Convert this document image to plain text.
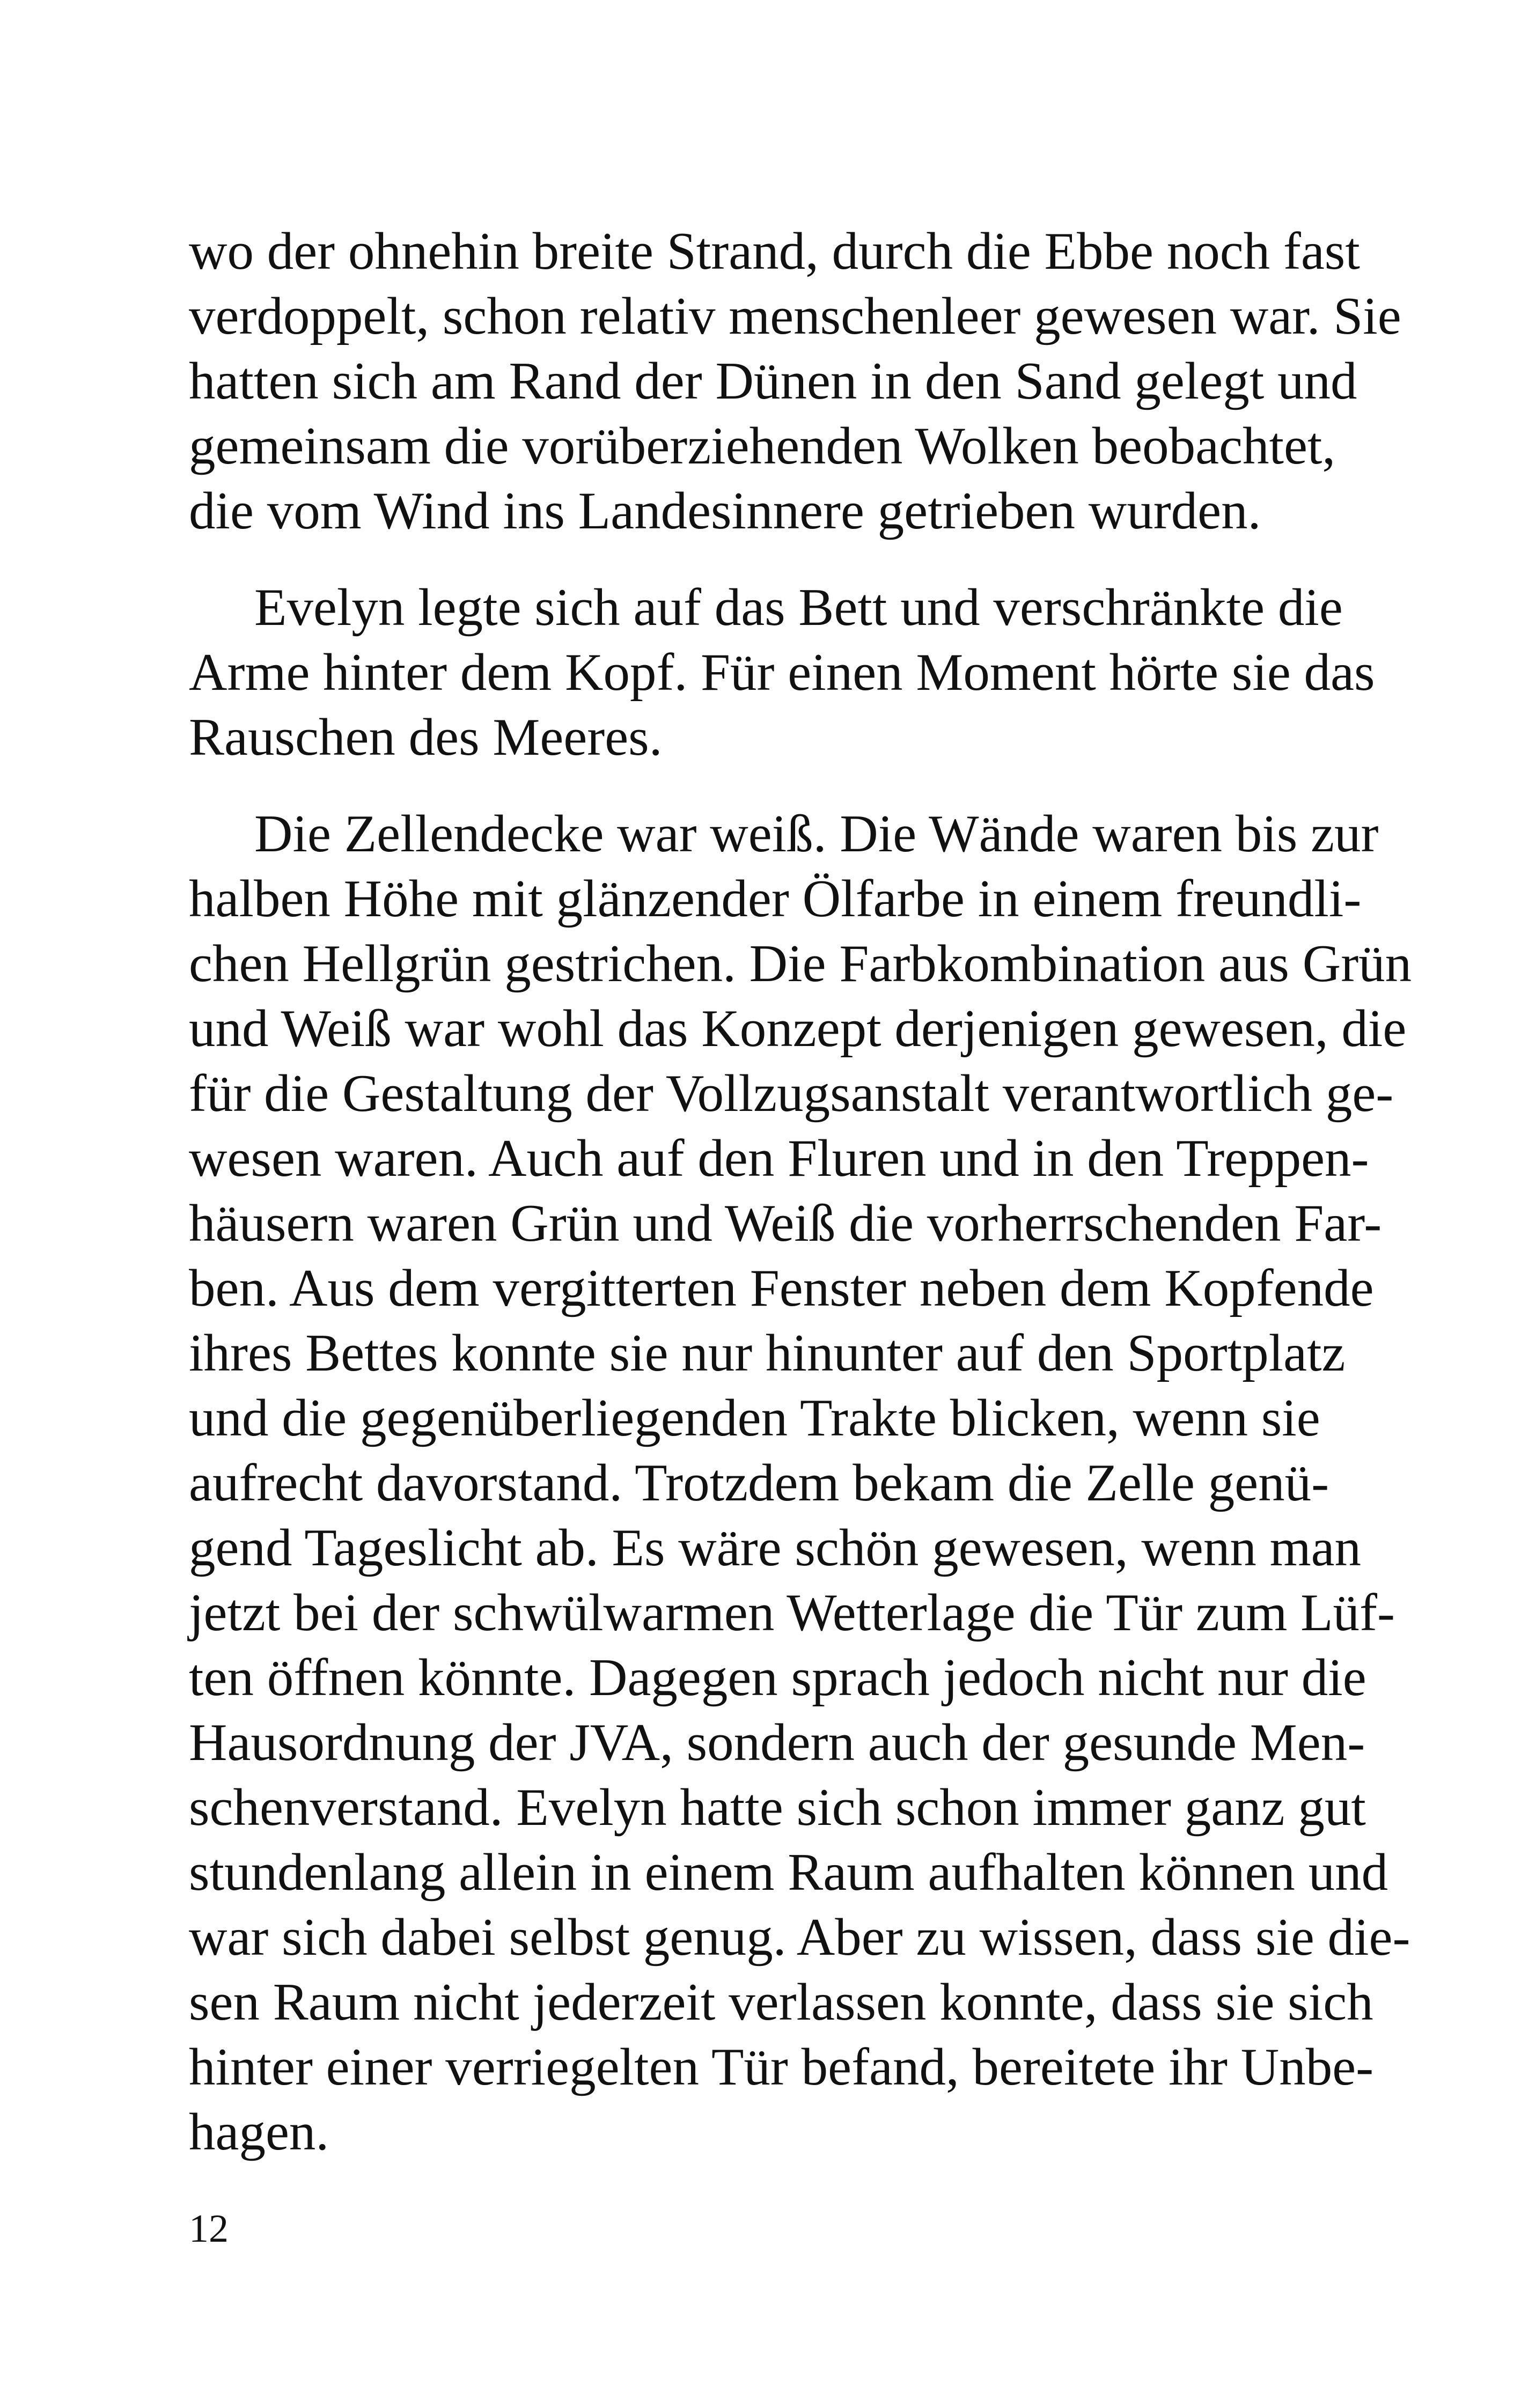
wo der ohnehin breite Strand, durch die Ebbe noch fast
verdoppelt, schon relativ menschenleer gewesen war. Sie
hatten sich am Rand der Dünen in den Sand gelegt und
gemeinsam die vorüberziehenden Wolken beobachtet,
die vom Wind ins Landesinnere getrieben wurden.
Evelyn legte sich auf das Bett und verschränkte die
Arme hinter dem Kopf. Für einen Moment hörte sie das
Rauschen des Meeres.
Die Zellendecke war weiß. Die Wände waren bis zur
halben Höhe mit glänzender Ölfarbe in einem freundli-
chen Hellgrün gestrichen. Die Farbkombination aus Grün
und Weiß war wohl das Konzept derjenigen gewesen, die
für die Gestaltung der Vollzugsanstalt verantwortlich ge-
wesen waren. Auch auf den Fluren und in den Treppen-
häusern waren Grün und Weiß die vorherrschenden Far-
ben. Aus dem vergitterten Fenster neben dem Kopfende
ihres Bettes konnte sie nur hinunter auf den Sportplatz
und die gegenüberliegenden Trakte blicken, wenn sie
aufrecht davorstand. Trotzdem bekam die Zelle genü-
gend Tageslicht ab. Es wäre schön gewesen, wenn man
jetzt bei der schwülwarmen Wetterlage die Tür zum Lüf-
ten öffnen könnte. Dagegen sprach jedoch nicht nur die
Hausordnung der JVA, sondern auch der gesunde Men-
schenverstand. Evelyn hatte sich schon immer ganz gut
stundenlang allein in einem Raum aufhalten können und
war sich dabei selbst genug. Aber zu wissen, dass sie die-
sen Raum nicht jederzeit verlassen konnte, dass sie sich
hinter einer verriegelten Tür befand, bereitete ihr Unbe-
hagen.
12
